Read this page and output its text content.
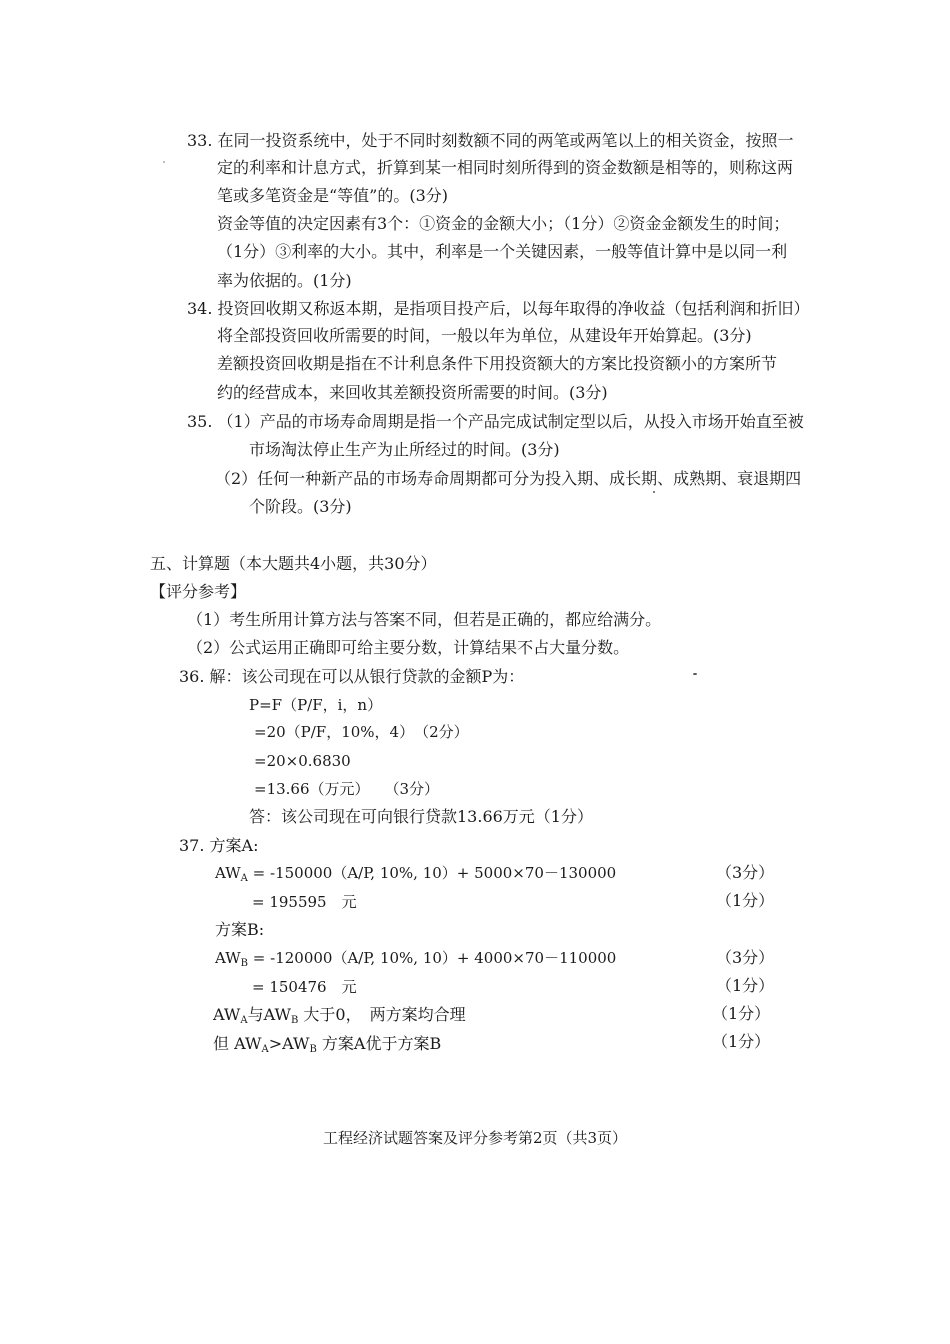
33. 在同一投资系统中，处于不同时刻数额不同的两笔或两笔以上的相关资金，按照一
定的利率和计息方式，折算到某一相同时刻所得到的资金数额是相等的，则称这两
笔或多笔资金是“等值”的。(3分)
资金等值的决定因素有3个：①资金的金额大小；（1分）②资金金额发生的时间；
（1分）③利率的大小。其中，利率是一个关键因素，一般等值计算中是以同一利
率为依据的。(1分)
34. 投资回收期又称返本期，是指项目投产后，以每年取得的净收益（包括利润和折旧）
将全部投资回收所需要的时间，一般以年为单位，从建设年开始算起。(3分)
差额投资回收期是指在不计利息条件下用投资额大的方案比投资额小的方案所节
约的经营成本，来回收其差额投资所需要的时间。(3分)
35. （1）产品的市场寿命周期是指一个产品完成试制定型以后，从投入市场开始直至被
市场淘汰停止生产为止所经过的时间。(3分)
（2）任何一种新产品的市场寿命周期都可分为投入期、成长期、成熟期、衰退期四
个阶段。(3分)
五、计算题（本大题共4小题，共30分）
【评分参考】
（1）考生所用计算方法与答案不同，但若是正确的，都应给满分。
（2）公式运用正确即可给主要分数，计算结果不占大量分数。
36. 解：该公司现在可以从银行贷款的金额P为：
P=F（P/F，i，n）
=20（P/F，10%，4）　（2分）
=20×0.6830
=13.66（万元）　　（3分）
答：该公司现在可向银行贷款13.66万元（1分）
37. 方案A:
$AW_A = -150000(A/P$, 10%, 10）+ 5000×70－130000	（3分）
= 195595　元	（1分）
方案B:
$AW_B = -120000(A/P$, 10%, 10）+ 4000×70－110000	（3分）
= 150476　元	（1分）
$AW_A$与$AW_B$ 大于0，　两方案均合理	（1分）
但 $AW_A>AW_B$ 方案A优于方案B	（1分）
工程经济试题答案及评分参考第2页（共3页）
